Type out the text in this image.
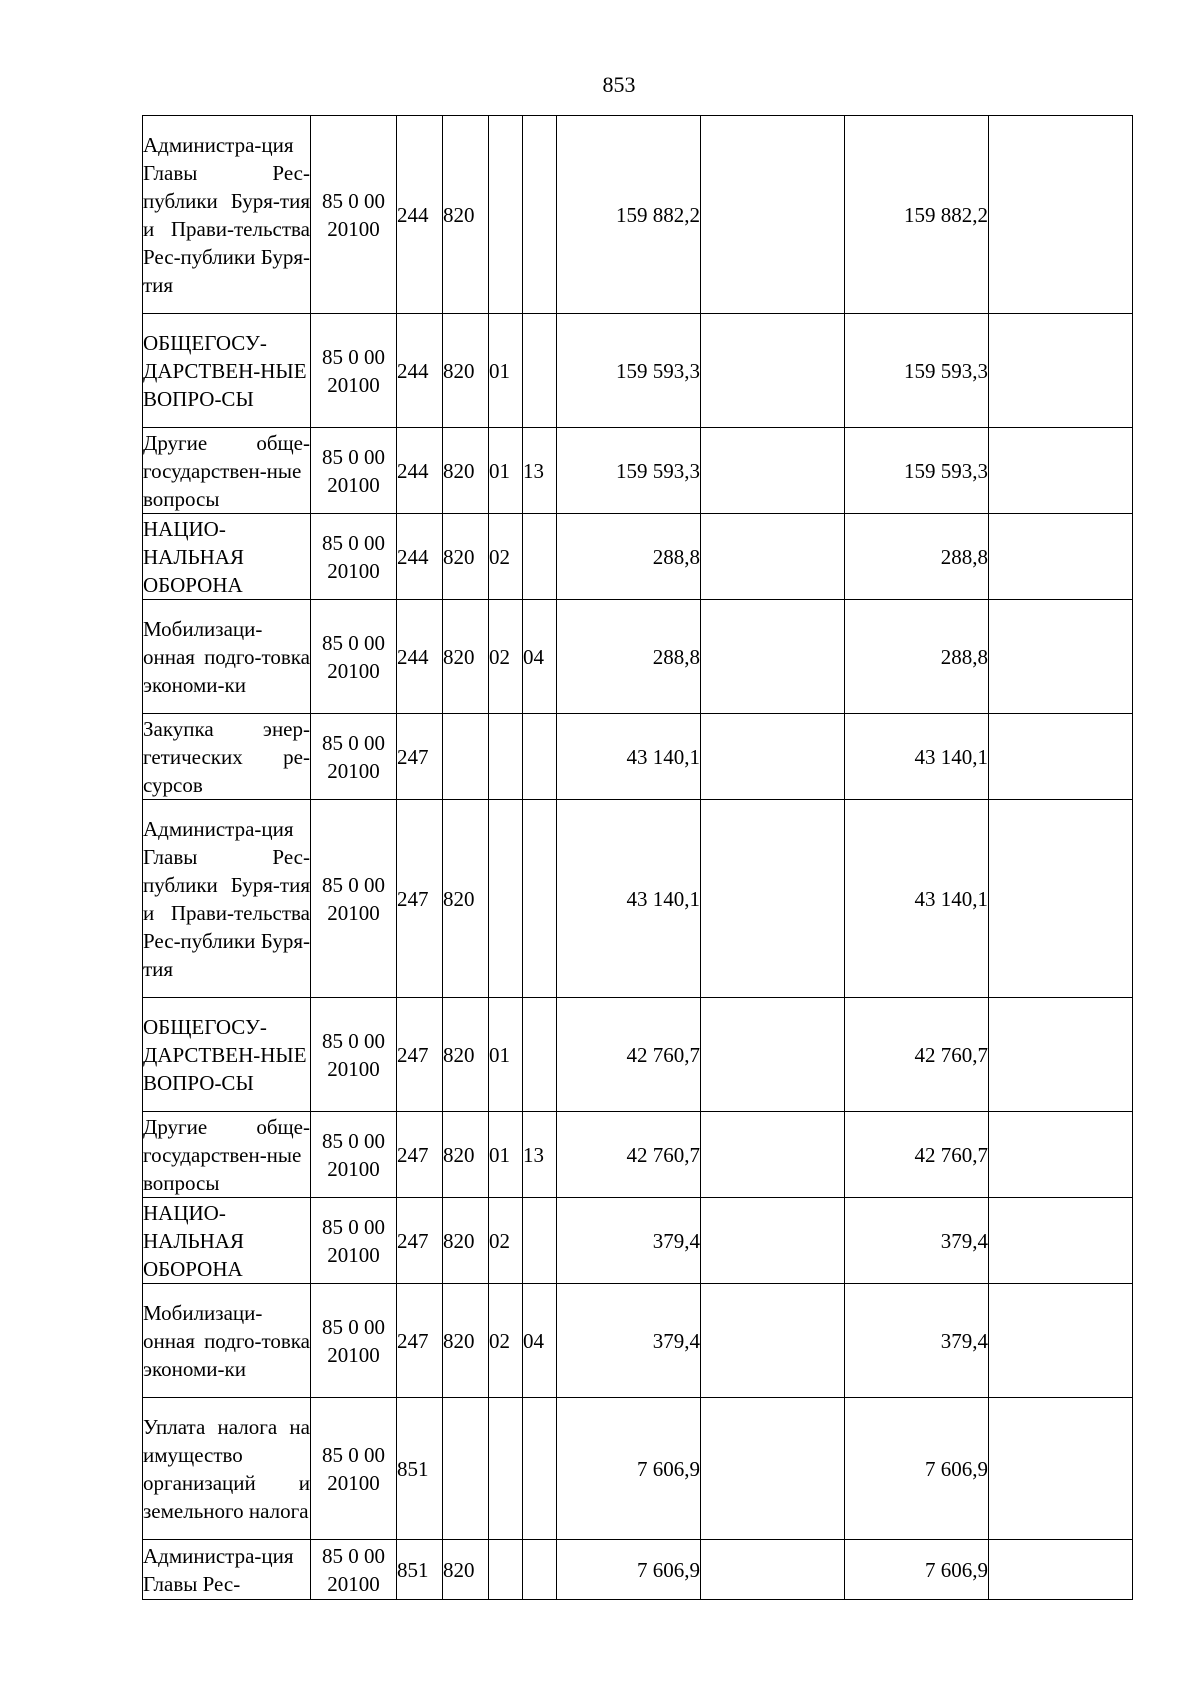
853
Администра-ция Главы Рес-публики Буря-тия и Прави-тельства Рес-публики Буря-тия	85 0 00 20100	244	820			159 882,2		159 882,2	
ОБЩЕГОСУ-ДАРСТВЕН-НЫЕ ВОПРО-СЫ	85 0 00 20100	244	820	01		159 593,3		159 593,3	
Другие обще-государствен-ные вопросы	85 0 00 20100	244	820	01	13	159 593,3		159 593,3	
НАЦИО-НАЛЬНАЯ ОБОРОНА	85 0 00 20100	244	820	02		288,8		288,8	
Мобилизаци-онная подго-товка экономи-ки	85 0 00 20100	244	820	02	04	288,8		288,8	
Закупка энер-гетических ре-сурсов	85 0 00 20100	247				43 140,1		43 140,1	
Администра-ция Главы Рес-публики Буря-тия и Прави-тельства Рес-публики Буря-тия	85 0 00 20100	247	820			43 140,1		43 140,1	
ОБЩЕГОСУ-ДАРСТВЕН-НЫЕ ВОПРО-СЫ	85 0 00 20100	247	820	01		42 760,7		42 760,7	
Другие обще-государствен-ные вопросы	85 0 00 20100	247	820	01	13	42 760,7		42 760,7	
НАЦИО-НАЛЬНАЯ ОБОРОНА	85 0 00 20100	247	820	02		379,4		379,4	
Мобилизаци-онная подго-товка экономи-ки	85 0 00 20100	247	820	02	04	379,4		379,4	
Уплата налога на имущество организаций и земельного налога	85 0 00 20100	851				7 606,9		7 606,9	
Администра-ция Главы Рес-	85 0 00 20100	851	820			7 606,9		7 606,9	
